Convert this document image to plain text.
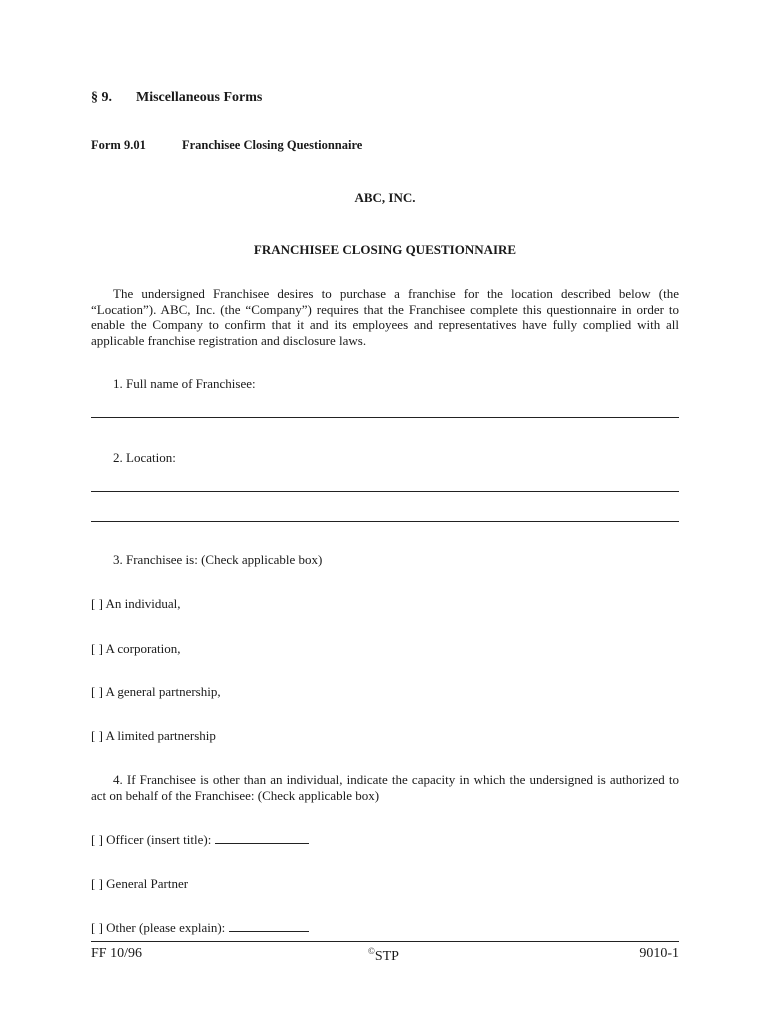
§ 9. Miscellaneous Forms
Form 9.01	Franchisee Closing Questionnaire
ABC, INC.
FRANCHISEE CLOSING QUESTIONNAIRE

The undersigned Franchisee desires to purchase a franchise for the location described below (the “Location”). ABC, Inc. (the “Company”) requires that the Franchisee complete this questionnaire in order to enable the Company to confirm that it and its employees and representatives have fully complied with all applicable franchise registration and disclosure laws.

1. Full name of Franchisee:

2. Location:

3. Franchisee is: (Check applicable box)

[ ] An individual,

[ ] A corporation,

[ ] A general partnership,

[ ] A limited partnership

4. If Franchisee is other than an individual, indicate the capacity in which the undersigned is authorized to act on behalf of the Franchisee: (Check applicable box)

[ ] Officer (insert title):

[ ] General Partner

[ ] Other (please explain):
FF 10/96	©STP	9010-1
